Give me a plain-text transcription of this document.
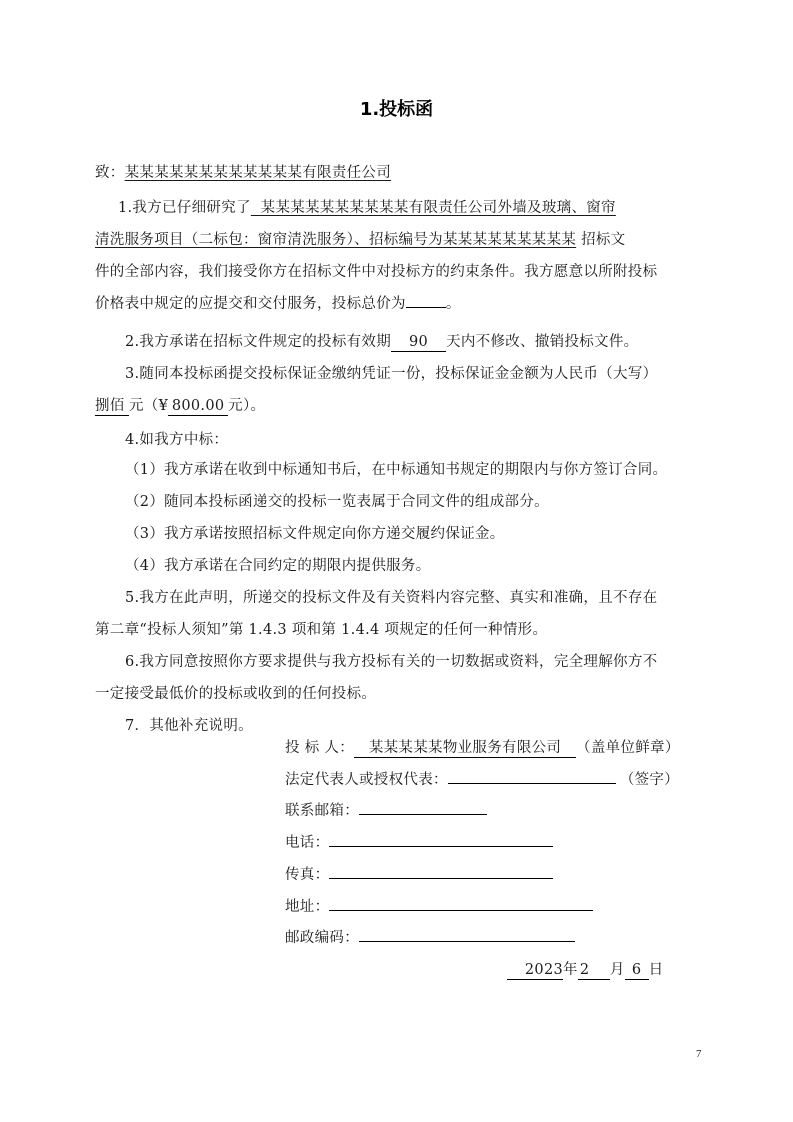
1.投标函
致：某某某某某某某某某某某某有限责任公司
1.我方已仔细研究了  某某某某某某某某某某有限责任公司外墙及玻璃、窗帘
清洗服务项目（二标包：窗帘清洗服务）、招标编号为某某某某某某某某某 招标文
件的全部内容，我们接受你方在招标文件中对投标方的约束条件。我方愿意以所附投标
价格表中规定的应提交和交付服务，投标总价为	。
2.我方承诺在招标文件规定的投标有效期 90 天内不修改、撤销投标文件。
3.随同本投标函提交投标保证金缴纳凭证一份，投标保证金金额为人民币（大写）
捌佰 元（¥ 800.00 元）。
4.如我方中标：
（1）我方承诺在收到中标通知书后，在中标通知书规定的期限内与你方签订合同。
（2）随同本投标函递交的投标一览表属于合同文件的组成部分。
（3）我方承诺按照招标文件规定向你方递交履约保证金。
（4）我方承诺在合同约定的期限内提供服务。
5.我方在此声明，所递交的投标文件及有关资料内容完整、真实和准确，且不存在
第二章“投标人须知”第 1.4.3 项和第 1.4.4 项规定的任何一种情形。
6.我方同意按照你方要求提供与我方投标有关的一切数据或资料，完全理解你方不
一定接受最低价的投标或收到的任何投标。
7．其他补充说明。
投 标 人： 某某某某某物业服务有限公司 （盖单位鲜章）
法定代表人或授权代表：	（签字）
联系邮箱：
电话：
传真：
地址：
邮政编码：
2023年 2 月 6 日
7
